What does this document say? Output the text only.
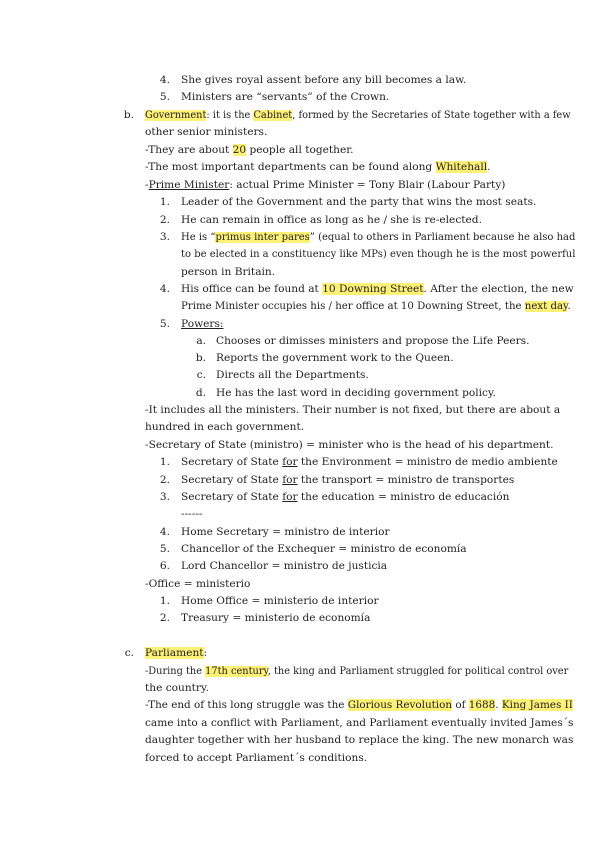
4. She gives royal assent before any bill becomes a law.
5. Ministers are “servants” of the Crown.
b. Government: it is the Cabinet, formed by the Secretaries of State together with a few
other senior ministers.
-They are about 20 people all together.
-The most important departments can be found along Whitehall.
-Prime Minister: actual Prime Minister = Tony Blair (Labour Party)
1. Leader of the Government and the party that wins the most seats.
2. He can remain in office as long as he / she is re-elected.
3. He is “primus inter pares” (equal to others in Parliament because he also had
to be elected in a constituency like MPs) even though he is the most powerful
person in Britain.
4. His office can be found at 10 Downing Street. After the election, the new
Prime Minister occupies his / her office at 10 Downing Street, the next day.
5. Powers:
a. Chooses or dimisses ministers and propose the Life Peers.
b. Reports the government work to the Queen.
c. Directs all the Departments.
d. He has the last word in deciding government policy.
-It includes all the ministers. Their number is not fixed, but there are about a
hundred in each government.
-Secretary of State (ministro) = minister who is the head of his department.
1. Secretary of State for the Environment = ministro de medio ambiente
2. Secretary of State for the transport = ministro de transportes
3. Secretary of State for the education = ministro de educación
------
4. Home Secretary = ministro de interior
5. Chancellor of the Exchequer = ministro de economía
6. Lord Chancellor = ministro de justicia
-Office = ministerio
1. Home Office = ministerio de interior
2. Treasury = ministerio de economía
c. Parliament:
-During the 17th century, the king and Parliament struggled for political control over
the country.
-The end of this long struggle was the Glorious Revolution of 1688. King James II
came into a conflict with Parliament, and Parliament eventually invited James´s
daughter together with her husband to replace the king. The new monarch was
forced to accept Parliament´s conditions.
